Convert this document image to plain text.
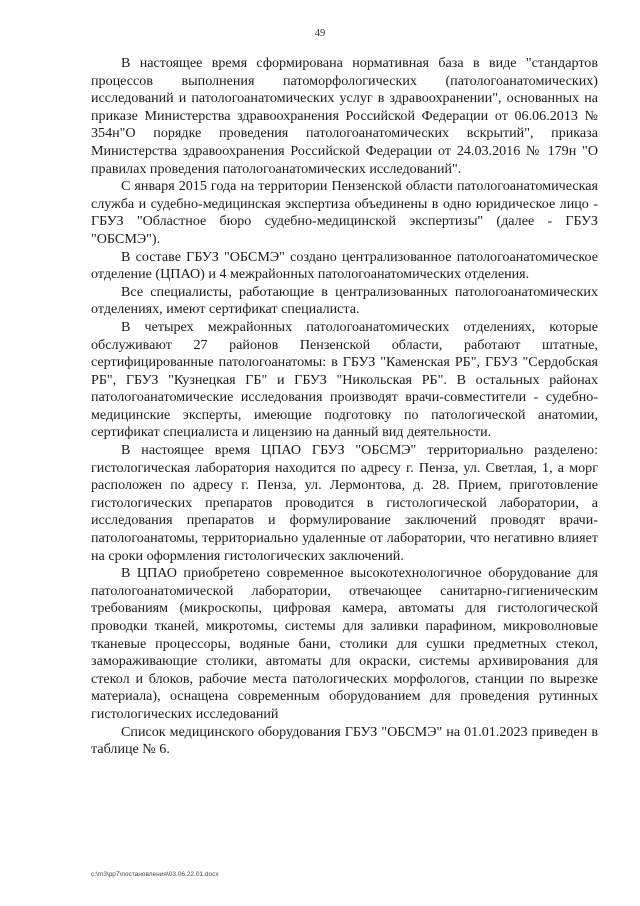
49

В настоящее время сформирована нормативная база в виде "стандартов процессов выполнения патоморфологических (патологоанатомических) исследований и патологоанатомических услуг в здравоохранении", основанных на приказе Министерства здравоохранения Российской Федерации от 06.06.2013 № 354н"О порядке проведения патологоанатомических вскрытий", приказа Министерства здравоохранения Российской Федерации от 24.03.2016 № 179н "О правилах проведения патологоанатомических исследований".

С января 2015 года на территории Пензенской области патологоанатомическая служба и судебно-медицинская экспертиза объединены в одно юридическое лицо - ГБУЗ "Областное бюро судебно-медицинской экспертизы" (далее - ГБУЗ "ОБСМЭ").

В составе ГБУЗ "ОБСМЭ" создано централизованное патологоанатомическое отделение (ЦПАО) и 4 межрайонных патологоанатомических отделения.

Все специалисты, работающие в централизованных патологоанатомических отделениях, имеют сертификат специалиста.

В четырех межрайонных патологоанатомических отделениях, которые обслуживают 27 районов Пензенской области, работают штатные, сертифицированные патологоанатомы: в ГБУЗ "Каменская РБ", ГБУЗ "Сердобская РБ", ГБУЗ "Кузнецкая ГБ" и ГБУЗ "Никольская РБ". В остальных районах патологоанатомические исследования производят врачи-совместители - судебно-медицинские эксперты, имеющие подготовку по патологической анатомии, сертификат специалиста и лицензию на данный вид деятельности.

В настоящее время ЦПАО ГБУЗ "ОБСМЭ" территориально разделено: гистологическая лаборатория находится по адресу г. Пенза, ул. Светлая, 1, а морг расположен по адресу г. Пенза, ул. Лермонтова, д. 28. Прием, приготовление гистологических препаратов проводится в гистологической лаборатории, а исследования препаратов и формулирование заключений проводят врачи-патологоанатомы, территориально удаленные от лаборатории, что негативно влияет на сроки оформления гистологических заключений.

В ЦПАО приобретено современное высокотехнологичное оборудование для патологоанатомической лаборатории, отвечающее санитарно-гигиеническим требованиям (микроскопы, цифровая камера, автоматы для гистологической проводки тканей, микротомы, системы для заливки парафином, микроволновые тканевые процессоры, водяные бани, столики для сушки предметных стекол, замораживающие столики, автоматы для окраски, системы архивирования для стекол и блоков, рабочие места патологических морфологов, станции по вырезке материала), оснащена современным оборудованием для проведения рутинных гистологических исследований

Список медицинского оборудования ГБУЗ "ОБСМЭ" на 01.01.2023 приведен в таблице № 6.

c:\m3\pp7\постановления\03.06.22.01.docx
